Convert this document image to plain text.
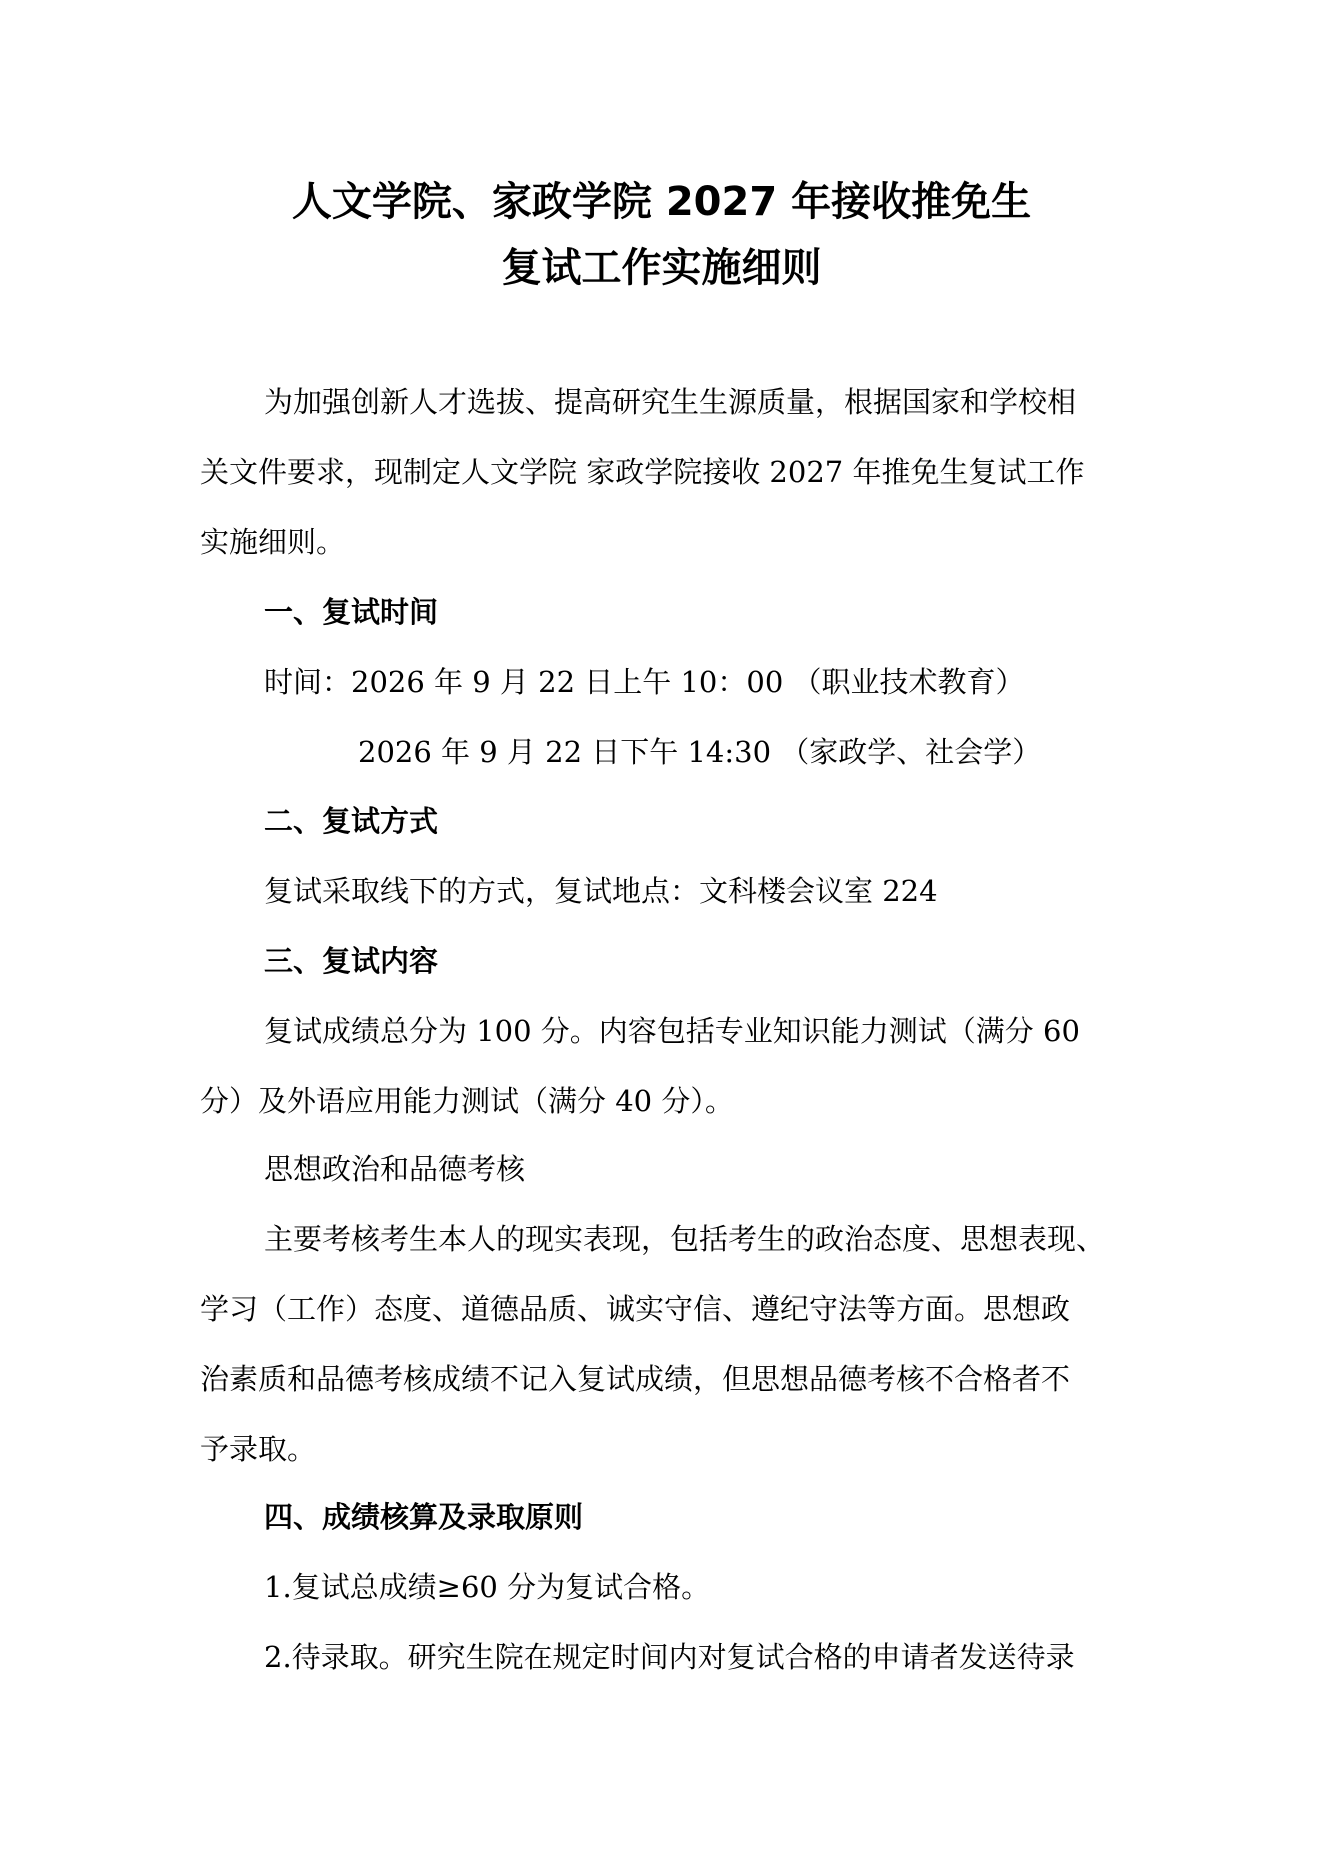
人文学院、家政学院 2027 年接收推免生
复试工作实施细则

为加强创新人才选拔、提高研究生生源质量，根据国家和学校相

关文件要求，现制定人文学院 家政学院接收 2027 年推免生复试工作

实施细则。

一、复试时间

时间：2026 年 9 月 22 日上午 10：00 （职业技术教育）

2026 年 9 月 22 日下午 14:30 （家政学、社会学）

二、复试方式

复试采取线下的方式，复试地点：文科楼会议室 224

三、复试内容

复试成绩总分为 100 分。内容包括专业知识能力测试（满分 60

分）及外语应用能力测试（满分 40 分）。

思想政治和品德考核

主要考核考生本人的现实表现，包括考生的政治态度、思想表现、

学习（工作）态度、道德品质、诚实守信、遵纪守法等方面。思想政

治素质和品德考核成绩不记入复试成绩，但思想品德考核不合格者不

予录取。

四、成绩核算及录取原则

1.复试总成绩≥60 分为复试合格。

2.待录取。研究生院在规定时间内对复试合格的申请者发送待录
